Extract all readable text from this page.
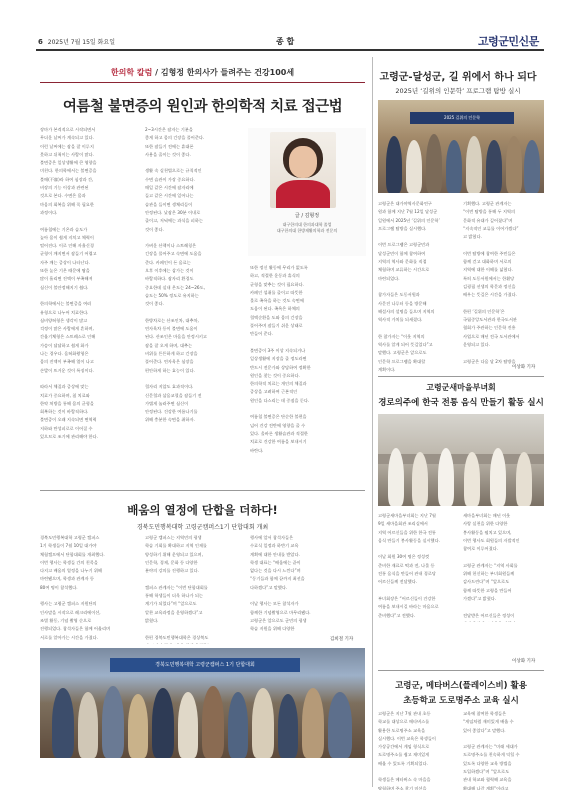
6 2025년 7월 15일 화요일	종 합	고령군민신문
한의학 칼럼 / 김형정 한의사가 들려주는 건강100세
여름철 불면증의 원인과 한의학적 치료 접근법
장마가 본격적으로 시작되면서
무더운 날씨가 계속되고 있다.
이런 날씨에는 잠을 잘 이루지
못하고 뒤척이는 사람이 많다.
불면증은 일상생활에 큰 영향을
미친다. 한의학에서는 불면증을
불매(不寐)라 하여 심장과 간,
비장의 기능 이상과 관련된
것으로 본다. 수면은 몸과
마음의 회복을 위해 꼭 필요한
과정이다.
여름철에는 기온과 습도가
높아 몸이 쉽게 지치고 체력이
떨어진다. 이로 인해 자율신경
균형이 깨지면서 잠들기 어렵고
자주 깨는 증상이 나타난다.
또한 높은 기온 때문에 땀을
많이 흘리면 진액이 부족해져
심신이 불안정해지기 쉽다.
한의학에서는 불면증을 여러
유형으로 나누어 치료한다.
심비양허형은 생각이 많고
걱정이 많은 사람에게 흔하며,
간울기체형은 스트레스로 인해
가슴이 답답하고 쉽게 화가
나는 경우다. 음허화왕형은
몸의 진액이 부족해 열이 나고
손발이 뜨거운 것이 특징이다.
따라서 체질과 증상에 맞는
치료가 중요하며, 침 치료와
한약 처방을 통해 몸의 균형을
회복하는 것이 바람직하다.
불면증이 오래 지속되면 면역력
저하와 만성피로로 이어질 수
있으므로 조기에 관리해야 한다.
2~3시간은 잠자는 기분을
좋게 하고 몸의 긴장을 풀어준다.
또한 잠들기 전에는 휴대폰
사용을 줄이는 것이 좋다.
생활 속 실천법으로는 규칙적인
수면 습관이 가장 중요하다.
매일 같은 시간에 잠자리에
들고 같은 시간에 일어나는
습관을 들이면 생체리듬이
안정된다. 낮잠은 30분 이내로
줄이고, 저녁에는 과식을 피하는
것이 좋다.
가벼운 산책이나 스트레칭은
긴장을 풀어주고 숙면에 도움을
준다. 카페인이 든 음료는
오후 이후에는 삼가는 것이
바람직하다. 잠자리 환경도
중요한데 실내 온도는 24~26도,
습도는 50% 정도로 유지하는
것이 좋다.
한방차로는 산조인차, 대추차,
연자육차 등이 불면에 도움이
된다. 산조인은 마음을 안정시키고
잠을 잘 오게 하며, 대추는
비위를 튼튼하게 하고 긴장을
풀어준다. 연자육은 심장을
편안하게 하는 효능이 있다.
혈자리 지압도 효과적이다.
신문혈과 삼음교혈을 잠들기 전
가볍게 눌러주면 심신이
안정된다. 건강한 여름나기를
위해 충분한 숙면을 취하자.
글 / 김형정
대구한의대 한의과대학 졸업
대구한의대 한방재활의학과 전문의
또한 정신 활동에 무리가 없도록
하고, 적절한 운동과 휴식의
균형을 맞추는 것이 필요하다.
카페인 섭취를 줄이고 따뜻한
물로 족욕을 하는 것도 숙면에
도움이 된다. 족욕은 하체의
혈액순환을 도와 몸의 긴장을
풀어주며 잠들기 쉬운 상태로
만들어 준다.
불면증이 3주 이상 지속되거나
일상생활에 지장을 줄 정도라면
반드시 전문가와 상담하여 정확한
원인을 찾는 것이 중요하다.
한의학적 치료는 개인의 체질과
증상을 고려하여 근본적인
원인을 다스리는 데 중점을 둔다.
여름철 불면증은 단순한 불편을
넘어 건강 전반에 영향을 줄 수
있다. 올바른 생활습관과 적절한
치료로 건강한 여름을 보내시기
바란다.
배움의 열정에 단합을 더하다!
경북도민행복대학 고령군캠퍼스1기 단합대회 개최
경북도민행복대학 고령군 캠퍼스
1기 학생들이 7월 10일 대가야
체험캠프에서 단합대회를 개최했다.
이번 행사는 학생들 간의 친목을
다지고 배움의 열정을 나누기 위해
마련됐으며, 학생과 관계자 등
80여 명이 참석했다.
행사는 고령군 캠퍼스 지원단의
인사말을 시작으로 레크리에이션,
조별 활동, 기념 촬영 순으로
진행되었다. 참석자들은 함께 어울리며
서로를 알아가는 시간을 가졌다.
고령군 캠퍼스는 지역민의 평생
학습 기회를 확대하고 지역 인재를
양성하기 위해 운영되고 있으며,
인문학, 경제, 문화 등 다양한
분야의 강의를 진행하고 있다.
캠퍼스 관계자는 “이번 단합대회를
통해 학생들이 더욱 하나가 되는
계기가 되었다”며 “앞으로도
알찬 교육과정을 운영하겠다”고
밝혔다.
한편 경북도민행복대학은 경상북도
행사에 앞서 참석자들은
수료식 일정과 하반기 교육
계획에 대한 안내를 받았다.
학생 대표는 “배움에는 끝이
없다는 것을 다시 느낀다”며
“동기들과 함께 끝까지 최선을
다하겠다”고 말했다.
이날 행사는 모든 참석자가
함께한 기념촬영으로 마무리됐다.
고령군은 앞으로도 군민의 평생
학습 지원을 위해 다양한
김희철 기자
경북도민행복대학 고령군캠퍼스 1기 단합대회
고령군-달성군, 길 위에서 하나 되다
2025년 ‘길위의 인문학’ 프로그램 탐방 실시
2025 길위의 인문학
고령군은 대가야역사문화연구
원과 함께 지난 7월 12일 달성군
일원에서 2025년 ‘길위의 인문학’
프로그램 탐방을 실시했다.
이번 프로그램은 고령군민과
달성군민이 함께 참여하여
지역의 역사와 문화를 직접
체험하며 교류하는 시간으로
마련되었다.
참가자들은 도동서원과
사문진 나루터 등을 방문해
해설사의 설명을 들으며 지역의
역사적 가치를 되새겼다.
한 참가자는 “이웃 지역의
역사를 알게 되어 뜻깊었다”고
말했다. 고령군은 앞으로도
인문학 프로그램을 확대할
계획이다.
기획했다. 고령군 관계자는
“이번 탐방을 통해 두 지역의
문화적 유대가 깊어졌다”며
“지속적인 교류를 이어가겠다”
고 밝혔다.
이번 탐방에 참여한 주민들은
함께 걷고 대화하며 서로의
지역에 대한 이해를 넓혔다.
특히 도동서원에서는 한훤당
김굉필 선생의 학문과 정신을
배우는 뜻깊은 시간을 가졌다.
한편 ‘길위의 인문학’은
국립중앙도서관과 한국도서관
협회가 주관하는 인문학 진흥
사업으로 매년 전국 도서관에서
운영되고 있다.
고령군은 다음 달 2차 탐방을
이상화 기자
고령군새마을부녀회
경로의주에 한국 전통 음식 만들기 활동 실시
고령군새마을부녀회는 지난 7월
9일 새마을회관 조리실에서
지역 어르신들을 위한 한국 전통
음식 만들기 봉사활동을 실시했다.
이날 회원 30여 명은 정성껏
준비한 재료로 떡과 전, 나물 등
전통 음식을 만들어 관내 경로당
어르신들께 전달했다.
부녀회장은 “어르신들이 건강한
여름을 보내시길 바라는 마음으로
준비했다”고 전했다.
새마을부녀회는 매년 이웃
사랑 실천을 위한 다양한
봉사활동을 펼치고 있으며,
이번 행사도 회원들의 자발적인
참여로 이루어졌다.
고령군 관계자는 “지역 사회를
위해 헌신하는 부녀회원들께
감사드린다”며 “앞으로도
함께 따뜻한 고령을 만들어
가겠다”고 밝혔다.
전달받은 어르신들은 정성이
이상화 기자
고령군, 메타버스(플레이스비) 활용
초등학교 도로명주소 교육 실시
고령군은 지난 7월 관내 초등
학교를 대상으로 메타버스를
활용한 도로명주소 교육을
실시했다. 이번 교육은 학생들이
가상공간에서 게임 형식으로
도로명주소를 쉽고 재미있게
배울 수 있도록 기획되었다.
학생들은 메타버스 속 마을을
탐험하며 주소 찾기 미션을
교육에 참여한 학생들은
“게임처럼 재미있게 배울 수
있어 좋았다”고 말했다.
고령군 관계자는 “미래 세대가
도로명주소를 친숙하게 익힐 수
있도록 다양한 교육 방법을
도입하겠다”며 “앞으로도
관내 학교와 협력해 교육을
확대해 나갈 계획”이라고
